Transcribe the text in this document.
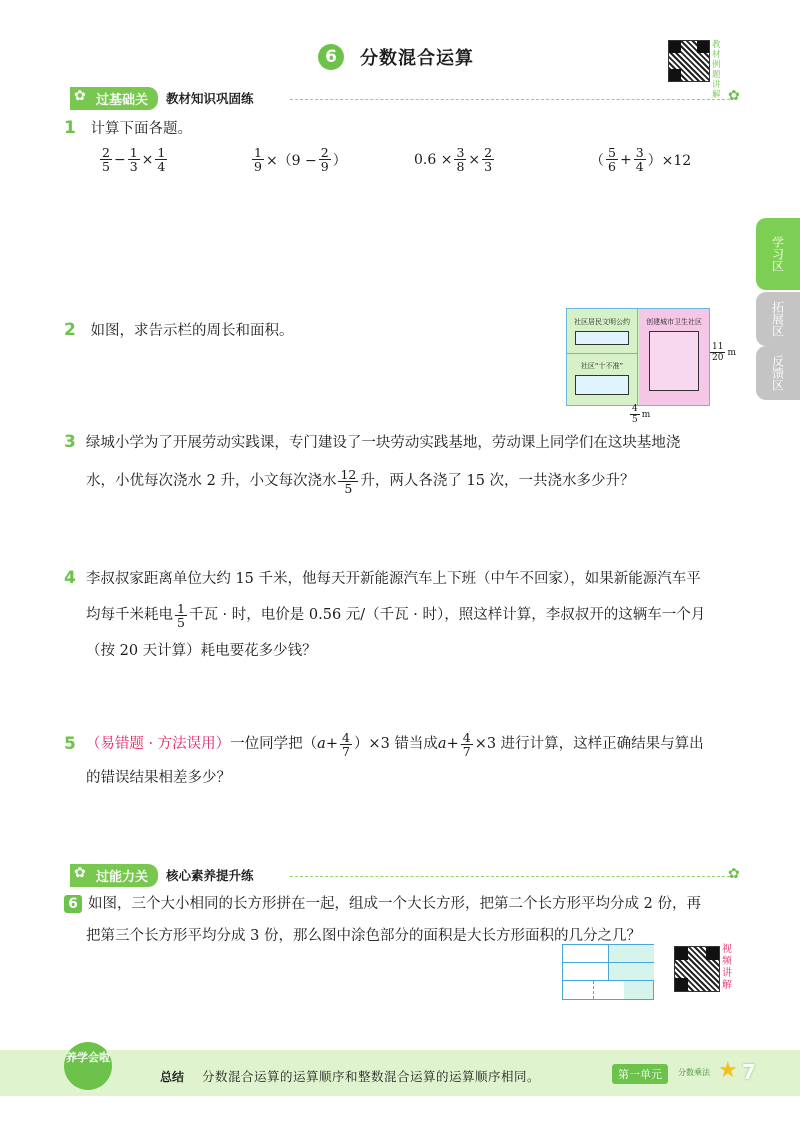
6	分数混合运算
教材例题讲解
学习区
拓展区
反馈区
✿ 过基础关	教材知识巩固练	✿
1 计算下面各题。
$\frac{2}{5} - \frac{1}{3} \times \frac{1}{4}$	$\frac{1}{9} \times(9 - \frac{2}{9}$ ）	$0.6 \times \frac{3}{8} \times \frac{2}{3}$	（ $\frac{5}{6} + \frac{3}{4} )\times 12$
2 如图，求告示栏的周长和面积。
社区居民文明公约
社区“十不准”
创建城市卫生社区
$\frac{11}{20}$ m
$\frac{4}{5}$ m
3 绿城小学为了开展劳动实践课，专门建设了一块劳动实践基地，劳动课上同学们在这块基地浇
水，小优每次浇水 2 升，小文每次浇水 $\frac{12}{5}$ 升，两人各浇了 15 次，一共浇水多少升？
4 李叔叔家距离单位大约 15 千米，他每天开新能源汽车上下班（中午不回家），如果新能源汽车平
均每千米耗电 $\frac{1}{5}$ 千瓦 · 时，电价是 0.56 元/（千瓦 · 时），照这样计算，李叔叔开的这辆车一个月
（按 20 天计算）耗电要花多少钱？
5 （易错题 · 方法误用） 一位同学把（ $a + \frac{4}{7} )\times 3$ 错当成 $a + \frac{4}{7} \times 3$ 进行计算，这样正确结果与算出
的错误结果相差多少？
✿ 过能力关	核心素养提升练	✿
6 如图，三个大小相同的长方形拼在一起，组成一个大长方形，把第二个长方形平均分成 2 份，再
把第三个长方形平均分成 3 份，那么图中涂色部分的面积是大长方形面积的几分之几？
视频讲解
养学会啦
总结 分数混合运算的运算顺序和整数混合运算的运算顺序相同。	第一单元	分数乘法 ★ 7
